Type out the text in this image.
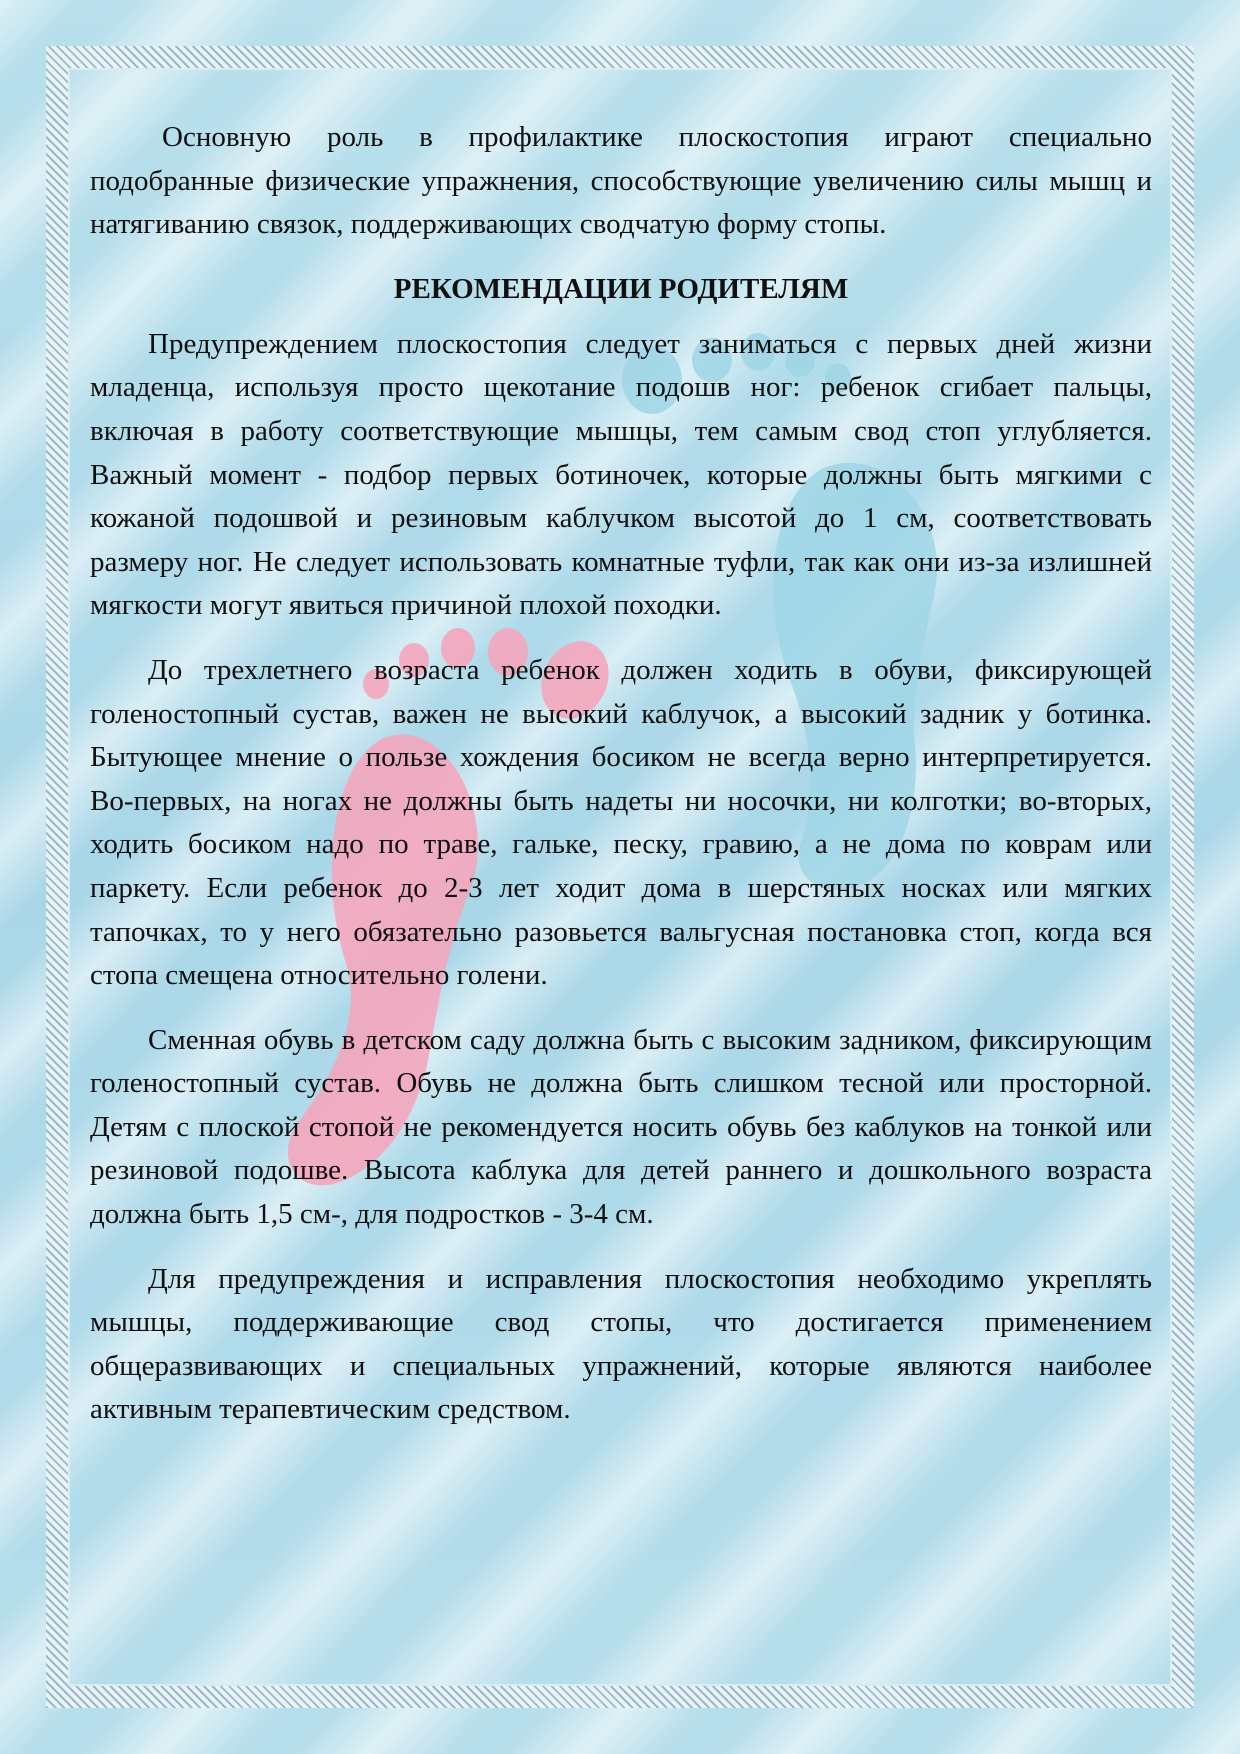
Основную роль в профилактике плоскостопия играют специально подобранные физические упражнения, способствующие увеличению силы мышц и натягиванию связок, поддерживающих сводчатую форму стопы.

РЕКОМЕНДАЦИИ РОДИТЕЛЯМ

Предупреждением плоскостопия следует заниматься с первых дней жизни младенца, используя просто щекотание подошв ног: ребенок сгибает пальцы, включая в работу соответствующие мышцы, тем самым свод стоп углубляется. Важный момент - подбор первых ботиночек, которые должны быть мягкими с кожаной подошвой и резиновым каблучком высотой до 1 см, соответствовать размеру ног. Не следует использовать комнатные туфли, так как они из-за излишней мягкости могут явиться причиной плохой походки.

До трехлетнего возраста ребенок должен ходить в обуви, фиксирующей голеностопный сустав, важен не высокий каблучок, а высокий задник у ботинка. Бытующее мнение о пользе хождения босиком не всегда верно интерпретируется. Во-первых, на ногах не должны быть надеты ни носочки, ни колготки; во-вторых, ходить босиком надо по траве, гальке, песку, гравию, а не дома по коврам или паркету. Если ребенок до 2-3 лет ходит дома в шерстяных носках или мягких тапочках, то у него обязательно разовьется вальгусная постановка стоп, когда вся стопа смещена относительно голени.

Сменная обувь в детском саду должна быть с высоким задником, фиксирующим голеностопный сустав. Обувь не должна быть слишком тесной или просторной. Детям с плоской стопой не рекомендуется носить обувь без каблуков на тонкой или резиновой подошве. Высота каблука для детей раннего и дошкольного возраста должна быть 1,5 см-, для подростков - 3-4 см.

Для предупреждения и исправления плоскостопия необходимо укреплять мышцы, поддерживающие свод стопы, что достигается применением общеразвивающих и специальных упражнений, которые являются наиболее активным терапевтическим средством.
